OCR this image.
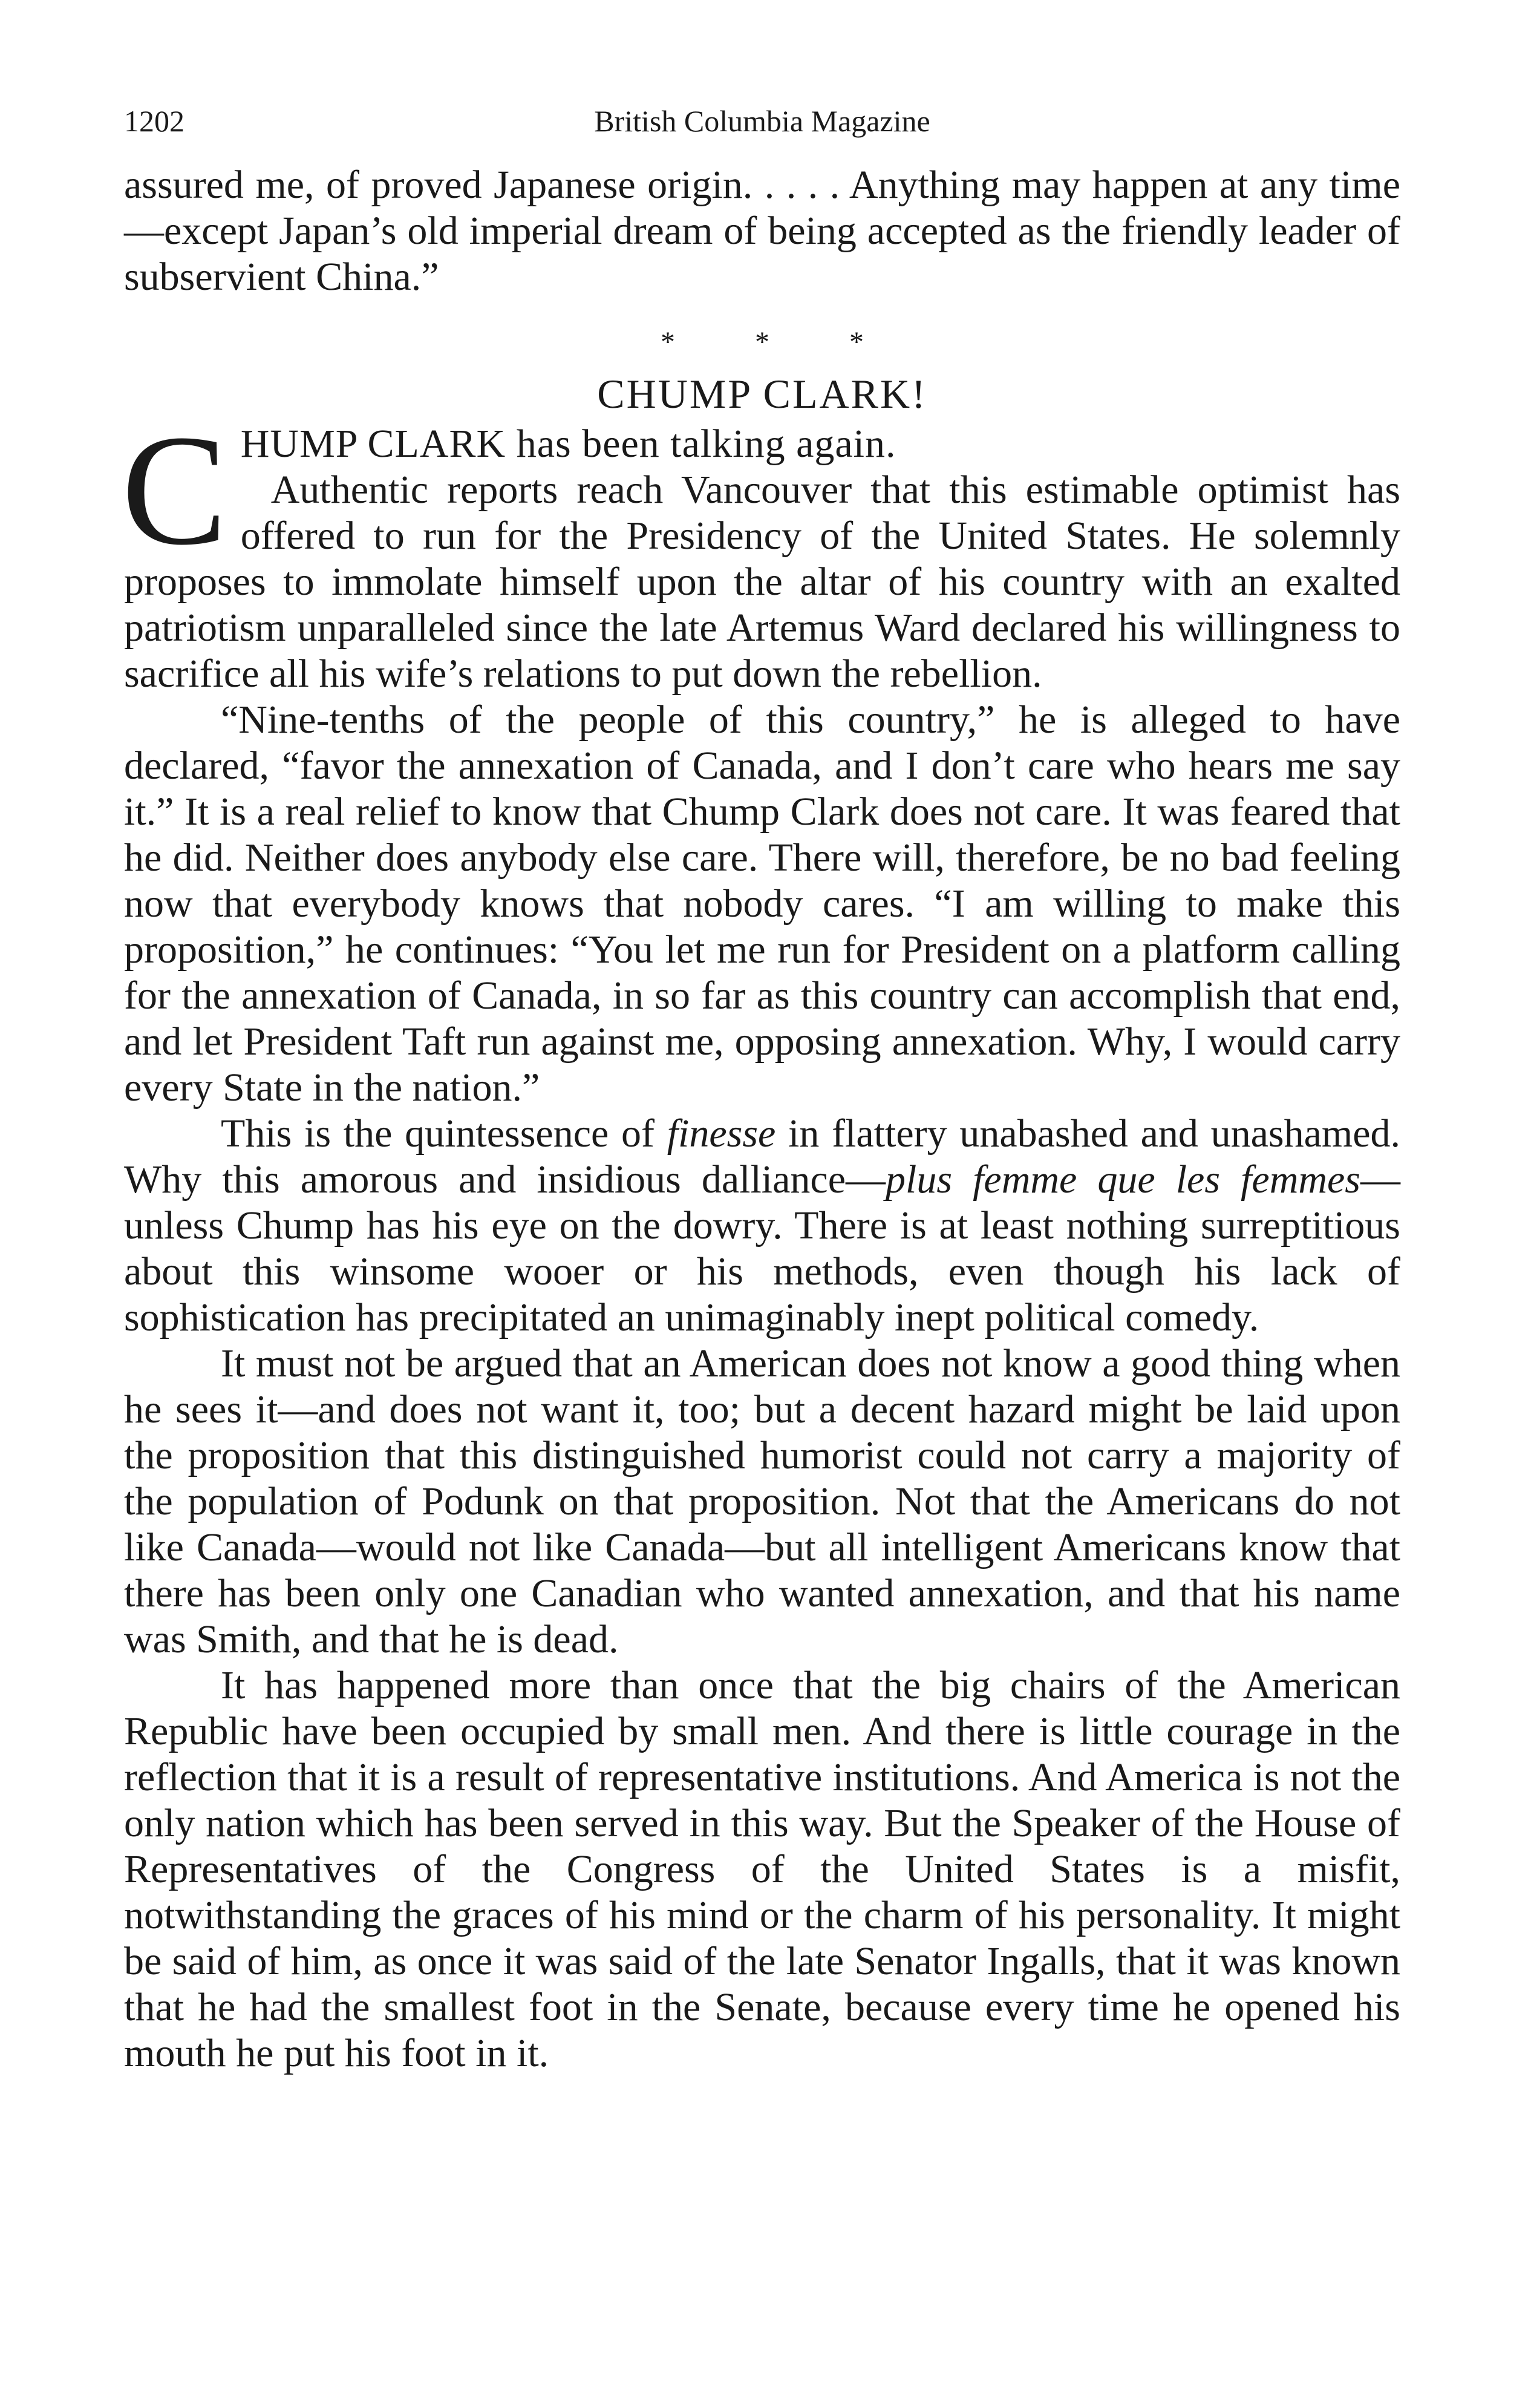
1202	British Columbia Magazine

assured me, of proved Japanese origin. . . . . Anything may happen at any time—except Japan’s old imperial dream of being accepted as the friendly leader of subservient China.”

* * *
CHUMP CLARK!

C HUMP CLARK has been talking again.
Authentic reports reach Vancouver that this estimable optimist has offered to run for the Presidency of the United States. He solemnly proposes to immolate himself upon the altar of his country with an exalted patriotism unparalleled since the late Artemus Ward declared his willingness to sacrifice all his wife’s relations to put down the rebellion.

“Nine-tenths of the people of this country,” he is alleged to have declared, “favor the annexation of Canada, and I don’t care who hears me say it.” It is a real relief to know that Chump Clark does not care. It was feared that he did. Neither does anybody else care. There will, therefore, be no bad feeling now that everybody knows that nobody cares. “I am willing to make this proposition,” he continues: “You let me run for President on a platform calling for the annexation of Canada, in so far as this country can accomplish that end, and let President Taft run against me, opposing annexation. Why, I would carry every State in the nation.”

This is the quintessence of finesse in flattery unabashed and unashamed. Why this amorous and insidious dalliance—plus femme que les femmes—unless Chump has his eye on the dowry. There is at least nothing surreptitious about this winsome wooer or his methods, even though his lack of sophistication has precipitated an unimaginably inept political comedy.

It must not be argued that an American does not know a good thing when he sees it—and does not want it, too; but a decent hazard might be laid upon the proposition that this distinguished humorist could not carry a majority of the population of Podunk on that proposition. Not that the Americans do not like Canada—would not like Canada—but all intelligent Americans know that there has been only one Canadian who wanted annexation, and that his name was Smith, and that he is dead.

It has happened more than once that the big chairs of the American Republic have been occupied by small men. And there is little courage in the reflection that it is a result of representative institutions. And America is not the only nation which has been served in this way. But the Speaker of the House of Representatives of the Congress of the United States is a misfit, notwithstanding the graces of his mind or the charm of his personality. It might be said of him, as once it was said of the late Senator Ingalls, that it was known that he had the smallest foot in the Senate, because every time he opened his mouth he put his foot in it.
